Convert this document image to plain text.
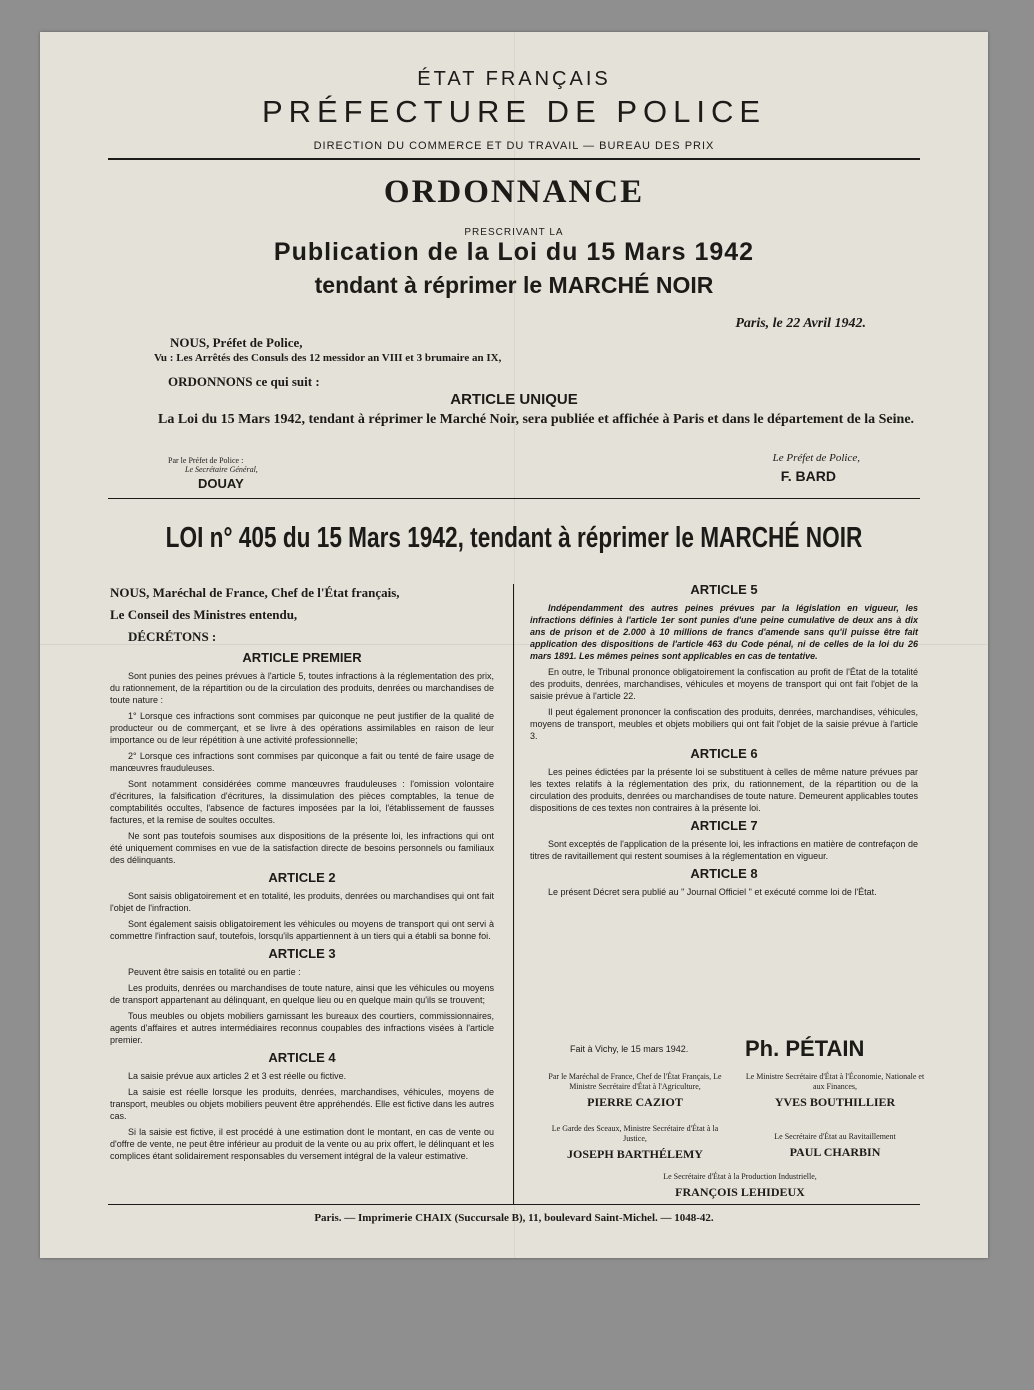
ÉTAT FRANÇAIS
PRÉFECTURE DE POLICE
DIRECTION DU COMMERCE ET DU TRAVAIL — BUREAU DES PRIX
ORDONNANCE
PRESCRIVANT LA
Publication de la Loi du 15 Mars 1942
tendant à réprimer le MARCHÉ NOIR
Paris, le 22 Avril 1942.
NOUS, Préfet de Police,
Vu : Les Arrêtés des Consuls des 12 messidor an VIII et 3 brumaire an IX,
ORDONNONS ce qui suit :
ARTICLE UNIQUE
La Loi du 15 Mars 1942, tendant à réprimer le Marché Noir, sera publiée et affichée à Paris et dans le département de la Seine.
Par le Préfet de Police :
Le Secrétaire Général,
DOUAY
Le Préfet de Police,
F. BARD
LOI n° 405 du 15 Mars 1942, tendant à réprimer le MARCHÉ NOIR

NOUS, Maréchal de France, Chef de l'État français,

Le Conseil des Ministres entendu,

DÉCRÉTONS :

ARTICLE PREMIER

Sont punies des peines prévues à l'article 5, toutes infractions à la réglementation des prix, du rationnement, de la répartition ou de la circulation des produits, denrées ou marchandises de toute nature :

1° Lorsque ces infractions sont commises par quiconque ne peut justifier de la qualité de producteur ou de commerçant, et se livre à des opérations assimilables en raison de leur importance ou de leur répétition à une activité professionnelle;

2° Lorsque ces infractions sont commises par quiconque a fait ou tenté de faire usage de manœuvres frauduleuses.

Sont notamment considérées comme manœuvres frauduleuses : l'omission volontaire d'écritures, la falsification d'écritures, la dissimulation des pièces comptables, la tenue de comptabilités occultes, l'absence de factures imposées par la loi, l'établissement de fausses factures, et la remise de soultes occultes.

Ne sont pas toutefois soumises aux dispositions de la présente loi, les infractions qui ont été uniquement commises en vue de la satisfaction directe de besoins personnels ou familiaux des délinquants.

ARTICLE 2

Sont saisis obligatoirement et en totalité, les produits, denrées ou marchandises qui ont fait l'objet de l'infraction.

Sont également saisis obligatoirement les véhicules ou moyens de transport qui ont servi à commettre l'infraction sauf, toutefois, lorsqu'ils appartiennent à un tiers qui a établi sa bonne foi.

ARTICLE 3

Peuvent être saisis en totalité ou en partie :

Les produits, denrées ou marchandises de toute nature, ainsi que les véhicules ou moyens de transport appartenant au délinquant, en quelque lieu ou en quelque main qu'ils se trouvent;

Tous meubles ou objets mobiliers garnissant les bureaux des courtiers, commissionnaires, agents d'affaires et autres intermédiaires reconnus coupables des infractions visées à l'article premier.

ARTICLE 4

La saisie prévue aux articles 2 et 3 est réelle ou fictive.

La saisie est réelle lorsque les produits, denrées, marchandises, véhicules, moyens de transport, meubles ou objets mobiliers peuvent être appréhendés. Elle est fictive dans les autres cas.

Si la saisie est fictive, il est procédé à une estimation dont le montant, en cas de vente ou d'offre de vente, ne peut être inférieur au produit de la vente ou au prix offert, le délinquant et les complices étant solidairement responsables du versement intégral de la valeur estimative.

ARTICLE 5

Indépendamment des autres peines prévues par la législation en vigueur, les infractions définies à l'article 1er sont punies d'une peine cumulative de deux ans à dix ans de prison et de 2.000 à 10 millions de francs d'amende sans qu'il puisse être fait application des dispositions de l'article 463 du Code pénal, ni de celles de la loi du 26 mars 1891. Les mêmes peines sont applicables en cas de tentative.

En outre, le Tribunal prononce obligatoirement la confiscation au profit de l'État de la totalité des produits, denrées, marchandises, véhicules et moyens de transport qui ont fait l'objet de la saisie prévue à l'article 22.

Il peut également prononcer la confiscation des produits, denrées, marchandises, véhicules, moyens de transport, meubles et objets mobiliers qui ont fait l'objet de la saisie prévue à l'article 3.

ARTICLE 6

Les peines édictées par la présente loi se substituent à celles de même nature prévues par les textes relatifs à la réglementation des prix, du rationnement, de la répartition ou de la circulation des produits, denrées ou marchandises de toute nature. Demeurent applicables toutes dispositions de ces textes non contraires à la présente loi.

ARTICLE 7

Sont exceptés de l'application de la présente loi, les infractions en matière de contrefaçon de titres de ravitaillement qui restent soumises à la réglementation en vigueur.

ARTICLE 8

Le présent Décret sera publié au " Journal Officiel " et exécuté comme loi de l'État.

Fait à Vichy, le 15 mars 1942.	Ph. PÉTAIN
Par le Maréchal de France, Chef de l'État Français, Le Ministre Secrétaire d'État à l'Agriculture,
PIERRE CAZIOT
Le Ministre Secrétaire d'État à l'Économie, Nationale et aux Finances,
YVES BOUTHILLIER
Le Garde des Sceaux, Ministre Secrétaire d'État à la Justice,
JOSEPH BARTHÉLEMY
Le Secrétaire d'État au Ravitaillement
PAUL CHARBIN
Le Secrétaire d'État à la Production Industrielle,
FRANÇOIS LEHIDEUX
Paris. — Imprimerie CHAIX (Succursale B), 11, boulevard Saint-Michel. — 1048-42.
